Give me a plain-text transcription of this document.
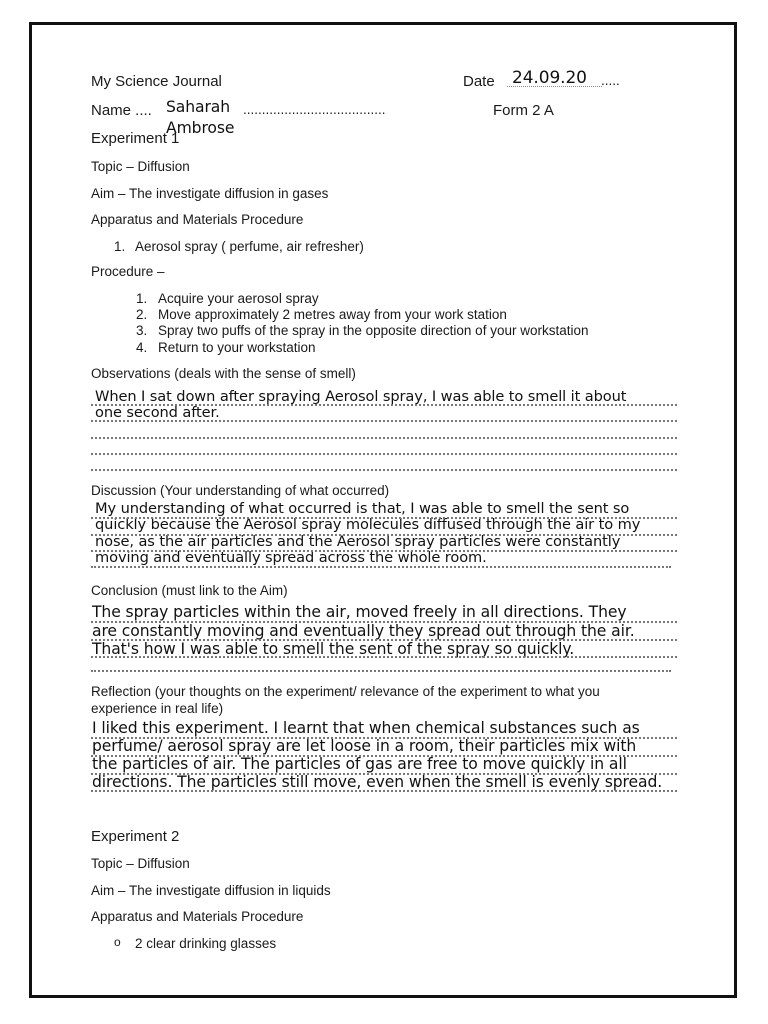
My Science Journal	Date 24.09.20 .....
Name .... Saharah
Ambrose
......................................	Form 2 A
Experiment 1
Topic – Diffusion
Aim – The investigate diffusion in gases
Apparatus and Materials Procedure
1. Aerosol spray ( perfume, air refresher)
Procedure –
1. Acquire your aerosol spray
2. Move approximately 2 metres away from your work station
3. Spray two puffs of the spray in the opposite direction of your workstation
4. Return to your workstation
Observations (deals with the sense of smell)
When I sat down after spraying Aerosol spray, I was able to smell it about
one second after.
Discussion (Your understanding of what occurred)
My understanding of what occurred is that, I was able to smell the sent so
quickly because the Aerosol spray molecules diffused through the air to my
nose, as the air particles and the Aerosol spray particles were constantly
moving and eventually spread across the whole room.
Conclusion (must link to the Aim)
The spray particles within the air, moved freely in all directions. They
are constantly moving and eventually they spread out through the air.
That's how I was able to smell the sent of the spray so quickly.
Reflection (your thoughts on the experiment/ relevance of the experiment to what you
experience in real life)
I liked this experiment. I learnt that when chemical substances such as
perfume/ aerosol spray are let loose in a room, their particles mix with
the particles of air. The particles of gas are free to move quickly in all
directions. The particles still move, even when the smell is evenly spread.
Experiment 2
Topic – Diffusion
Aim – The investigate diffusion in liquids
Apparatus and Materials Procedure
o 2 clear drinking glasses
